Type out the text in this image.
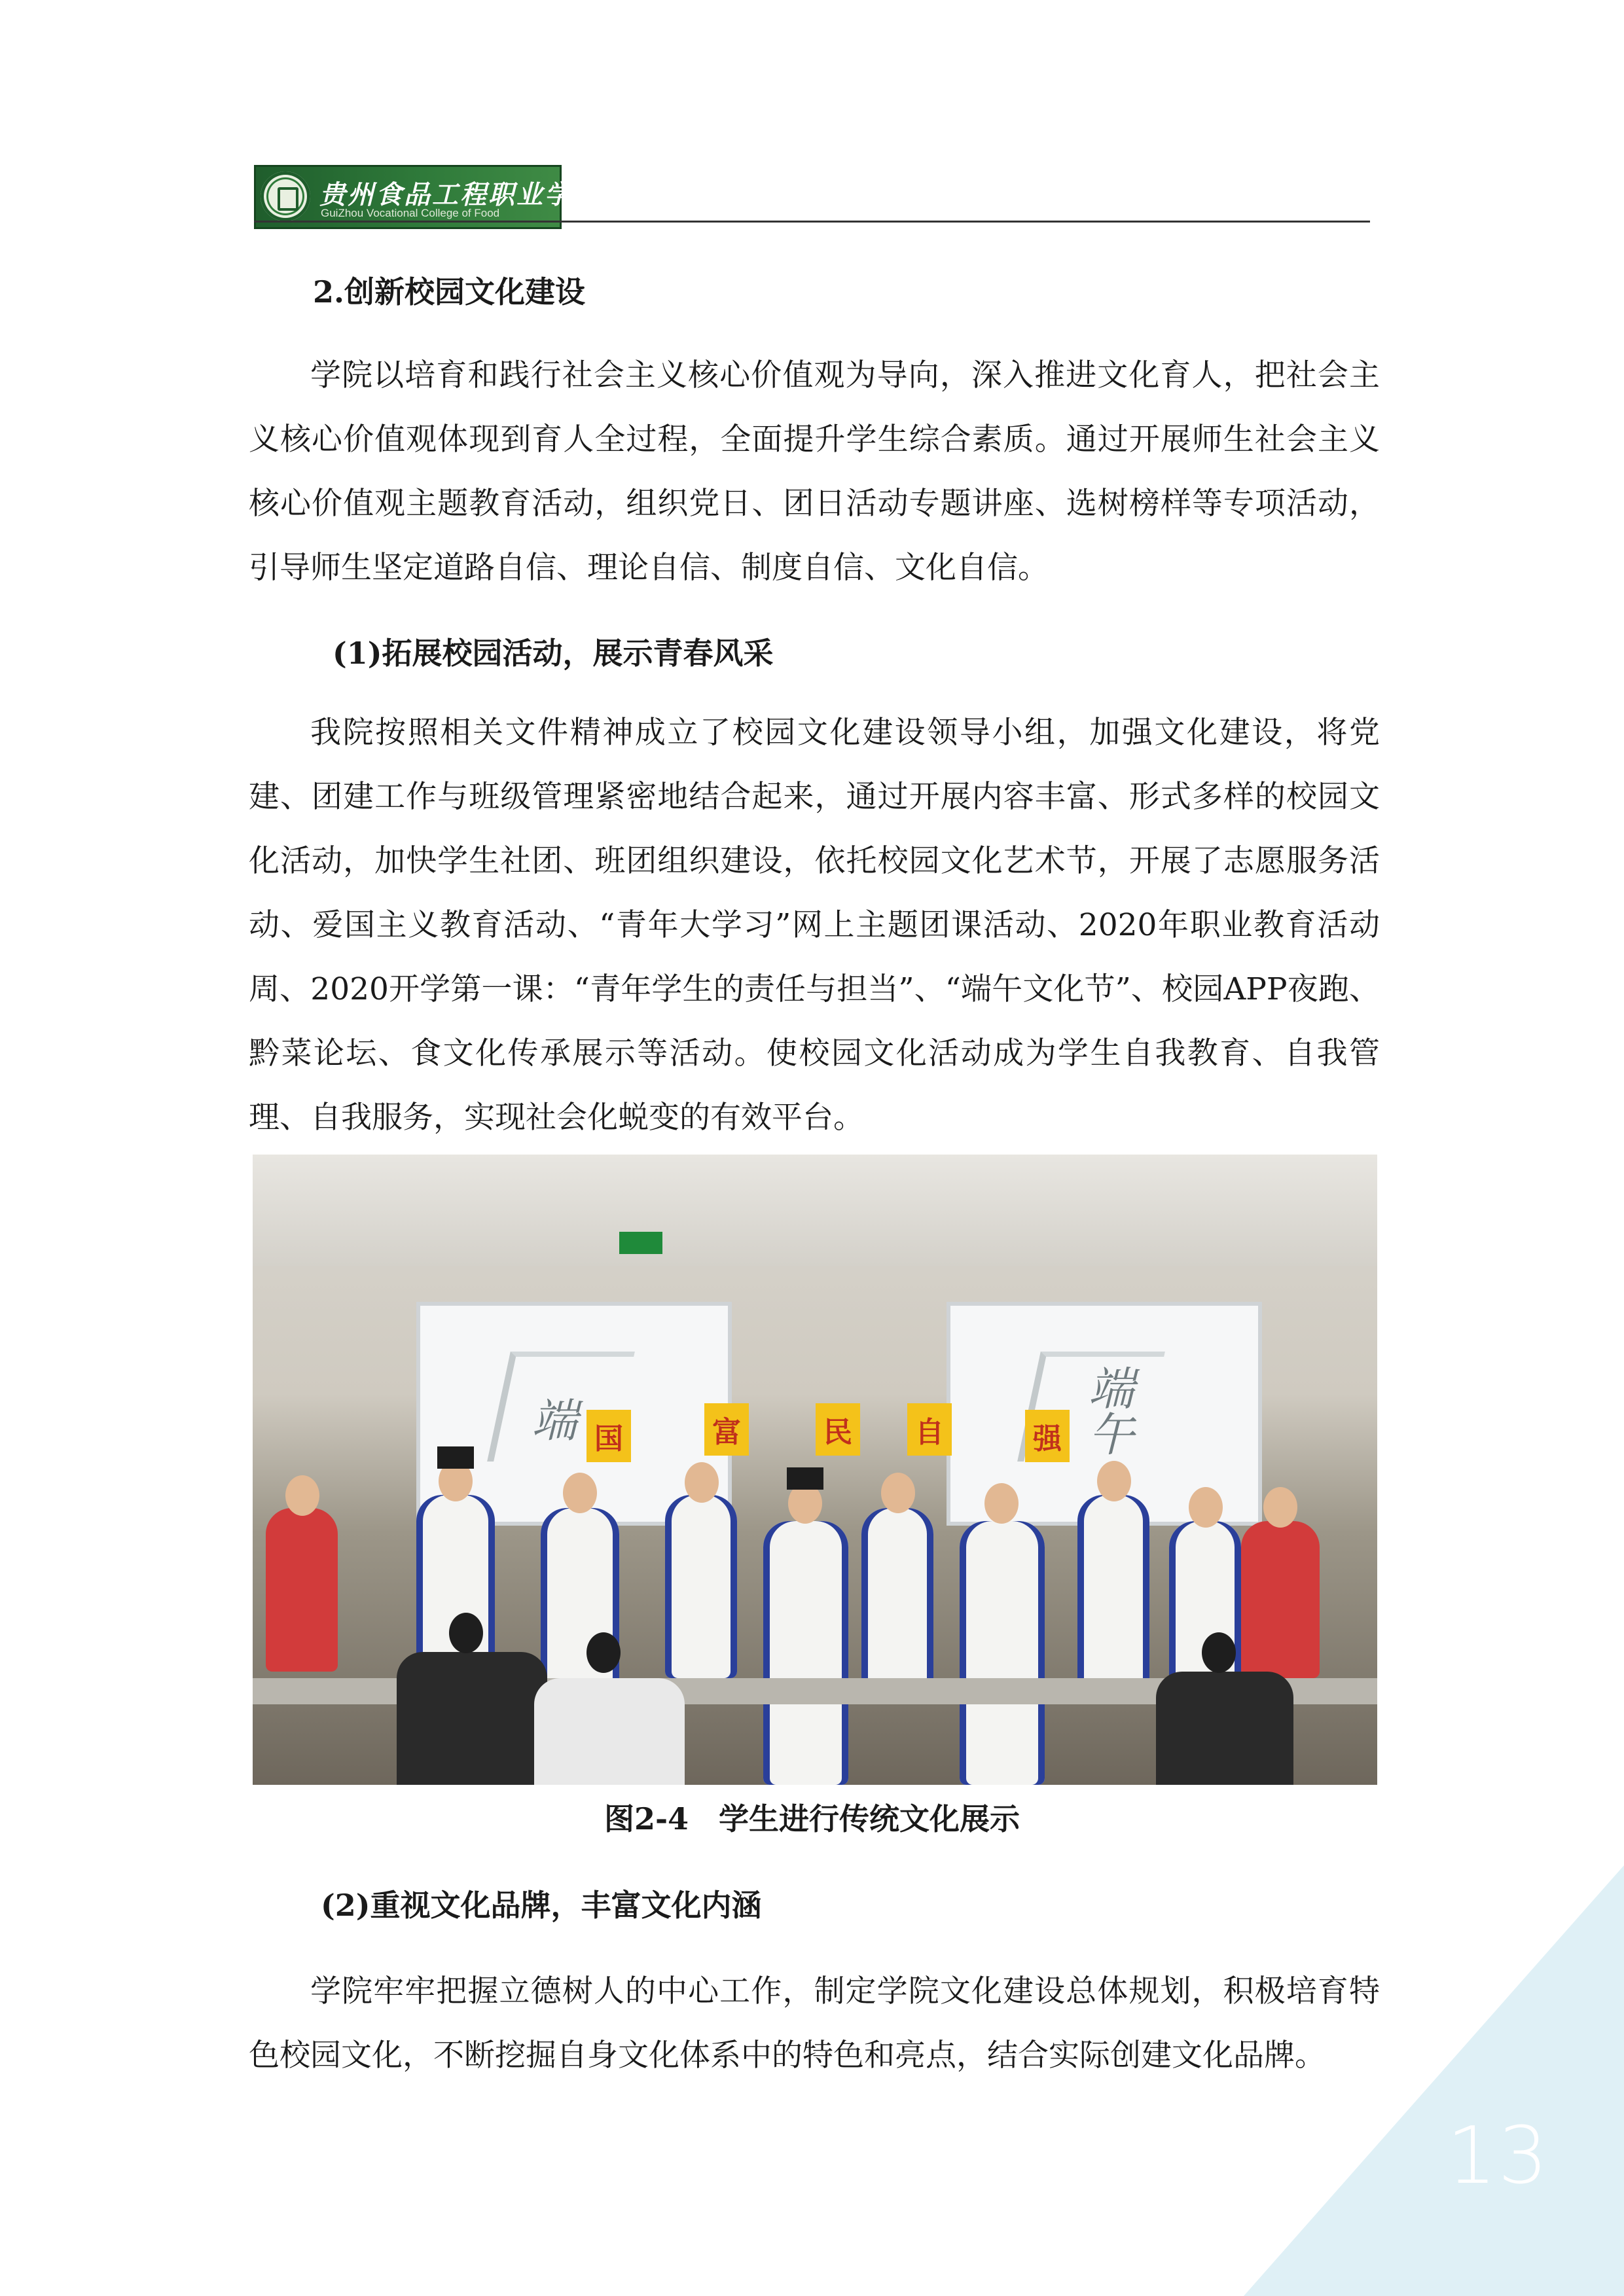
贵州食品工程职业学院
GuiZhou Vocational College of Food
2.创新校园文化建设

学院以培育和践行社会主义核心价值观为导向，深入推进文化育人，把社会主义核心价值观体现到育人全过程，全面提升学生综合素质。通过开展师生社会主义核心价值观主题教育活动，组织党日、团日活动专题讲座、选树榜样等专项活动，引导师生坚定道路自信、理论自信、制度自信、文化自信。

(1)拓展校园活动，展示青春风采

我院按照相关文件精神成立了校园文化建设领导小组，加强文化建设，将党建、团建工作与班级管理紧密地结合起来，通过开展内容丰富、形式多样的校园文化活动，加快学生社团、班团组织建设，依托校园文化艺术节，开展了志愿服务活动、爱国主义教育活动、“青年大学习”网上主题团课活动、2020年职业教育活动周、2020开学第一课：“青年学生的责任与担当”、“端午文化节”、校园APP夜跑、黔菜论坛、食文化传承展示等活动。使校园文化活动成为学生自我教育、自我管理、自我服务，实现社会化蜕变的有效平台。

端	端午
国	富	民 自	强

图2-4　学生进行传统文化展示

(2)重视文化品牌，丰富文化内涵

学院牢牢把握立德树人的中心工作，制定学院文化建设总体规划，积极培育特色校园文化，不断挖掘自身文化体系中的特色和亮点，结合实际创建文化品牌。

13
